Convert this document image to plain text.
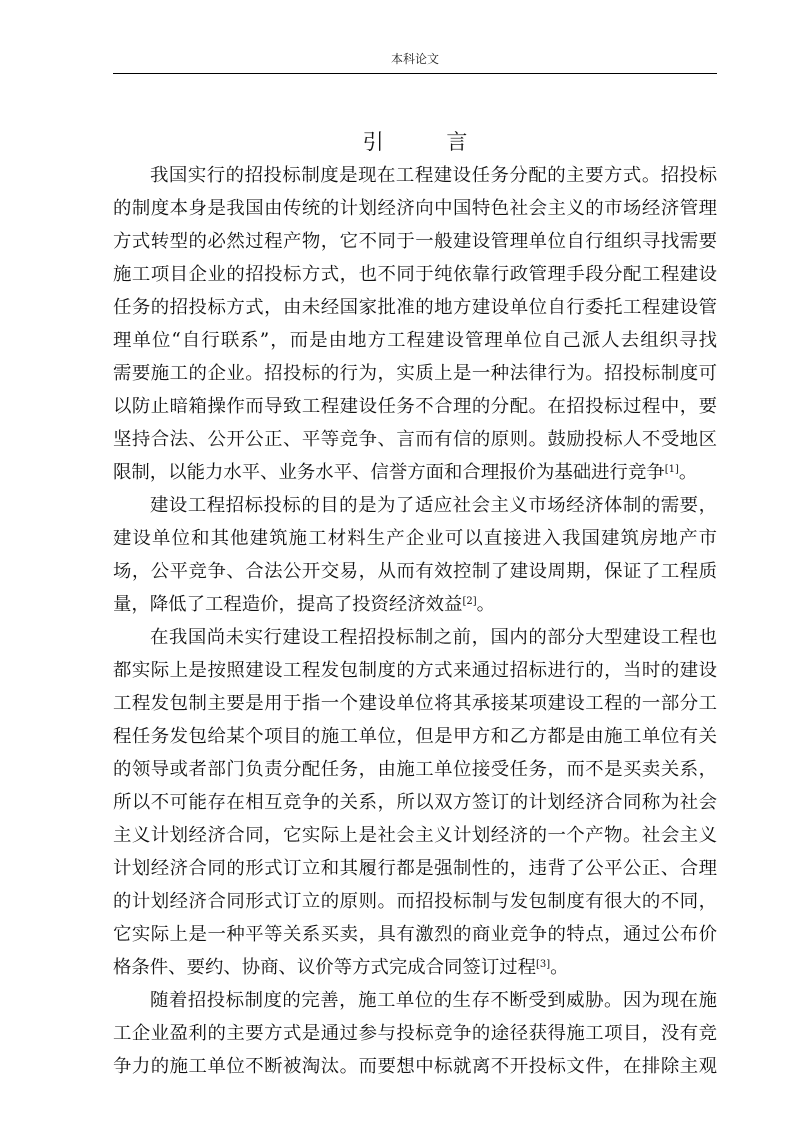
本科论文
引 言
我国实行的招投标制度是现在工程建设任务分配的主要方式。招投标
的制度本身是我国由传统的计划经济向中国特色社会主义的市场经济管理
方式转型的必然过程产物，它不同于一般建设管理单位自行组织寻找需要
施工项目企业的招投标方式，也不同于纯依靠行政管理手段分配工程建设
任务的招投标方式，由未经国家批准的地方建设单位自行委托工程建设管
理单位“自行联系”，而是由地方工程建设管理单位自己派人去组织寻找
需要施工的企业。招投标的行为，实质上是一种法律行为。招投标制度可
以防止暗箱操作而导致工程建设任务不合理的分配。在招投标过程中，要
坚持合法、公开公正、平等竞争、言而有信的原则。鼓励投标人不受地区
限制，以能力水平、业务水平、信誉方面和合理报价为基础进行竞争[1]。
建设工程招标投标的目的是为了适应社会主义市场经济体制的需要，
建设单位和其他建筑施工材料生产企业可以直接进入我国建筑房地产市
场，公平竞争、合法公开交易，从而有效控制了建设周期，保证了工程质
量，降低了工程造价，提高了投资经济效益[2]。
在我国尚未实行建设工程招投标制之前，国内的部分大型建设工程也
都实际上是按照建设工程发包制度的方式来通过招标进行的，当时的建设
工程发包制主要是用于指一个建设单位将其承接某项建设工程的一部分工
程任务发包给某个项目的施工单位，但是甲方和乙方都是由施工单位有关
的领导或者部门负责分配任务，由施工单位接受任务，而不是买卖关系，
所以不可能存在相互竞争的关系，所以双方签订的计划经济合同称为社会
主义计划经济合同，它实际上是社会主义计划经济的一个产物。社会主义
计划经济合同的形式订立和其履行都是强制性的，违背了公平公正、合理
的计划经济合同形式订立的原则。而招投标制与发包制度有很大的不同，
它实际上是一种平等关系买卖，具有激烈的商业竞争的特点，通过公布价
格条件、要约、协商、议价等方式完成合同签订过程[3]。
随着招投标制度的完善，施工单位的生存不断受到威胁。因为现在施
工企业盈利的主要方式是通过参与投标竞争的途径获得施工项目，没有竞
争力的施工单位不断被淘汰。而要想中标就离不开投标文件，在排除主观
